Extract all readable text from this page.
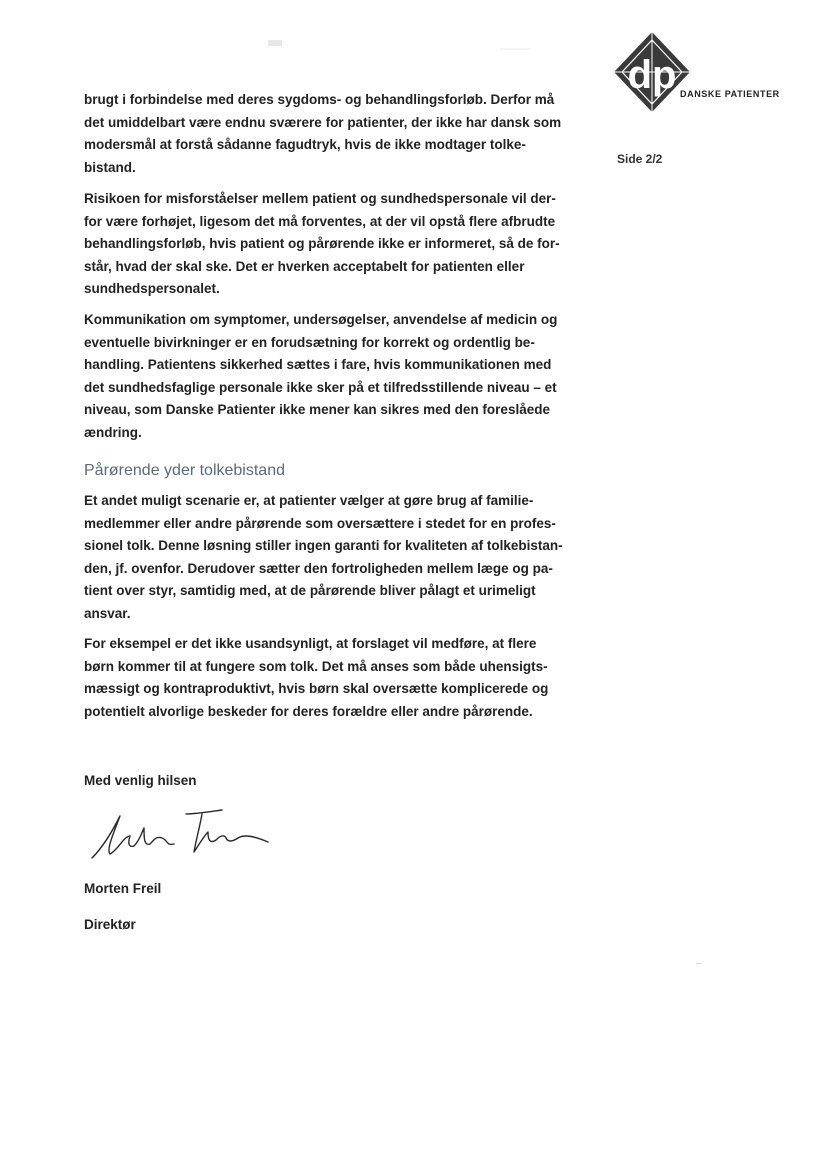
dp DANSKE PATIENTER
Side 2/2

brugt i forbindelse med deres sygdoms- og behandlingsforløb. Derfor må det umiddelbart være endnu sværere for patienter, der ikke har dansk som modersmål at forstå sådanne fagudtryk, hvis de ikke modtager tolke-bistand.

Risikoen for misforståelser mellem patient og sundhedspersonale vil der-for være forhøjet, ligesom det må forventes, at der vil opstå flere afbrudte behandlingsforløb, hvis patient og pårørende ikke er informeret, så de for-står, hvad der skal ske. Det er hverken acceptabelt for patienten eller sundhedspersonalet.

Kommunikation om symptomer, undersøgelser, anvendelse af medicin og eventuelle bivirkninger er en forudsætning for korrekt og ordentlig be-handling. Patientens sikkerhed sættes i fare, hvis kommunikationen med det sundhedsfaglige personale ikke sker på et tilfredsstillende niveau – et niveau, som Danske Patienter ikke mener kan sikres med den foreslåede ændring.

Pårørende yder tolkebistand

Et andet muligt scenarie er, at patienter vælger at gøre brug af familie-medlemmer eller andre pårørende som oversættere i stedet for en profes-sionel tolk. Denne løsning stiller ingen garanti for kvaliteten af tolkebistan-den, jf. ovenfor. Derudover sætter den fortroligheden mellem læge og pa-tient over styr, samtidig med, at de pårørende bliver pålagt et urimeligt ansvar.

For eksempel er det ikke usandsynligt, at forslaget vil medføre, at flere børn kommer til at fungere som tolk. Det må anses som både uhensigts-mæssigt og kontraproduktivt, hvis børn skal oversætte komplicerede og potentielt alvorlige beskeder for deres forældre eller andre pårørende.

Med venlig hilsen
Morten Freil
Direktør
